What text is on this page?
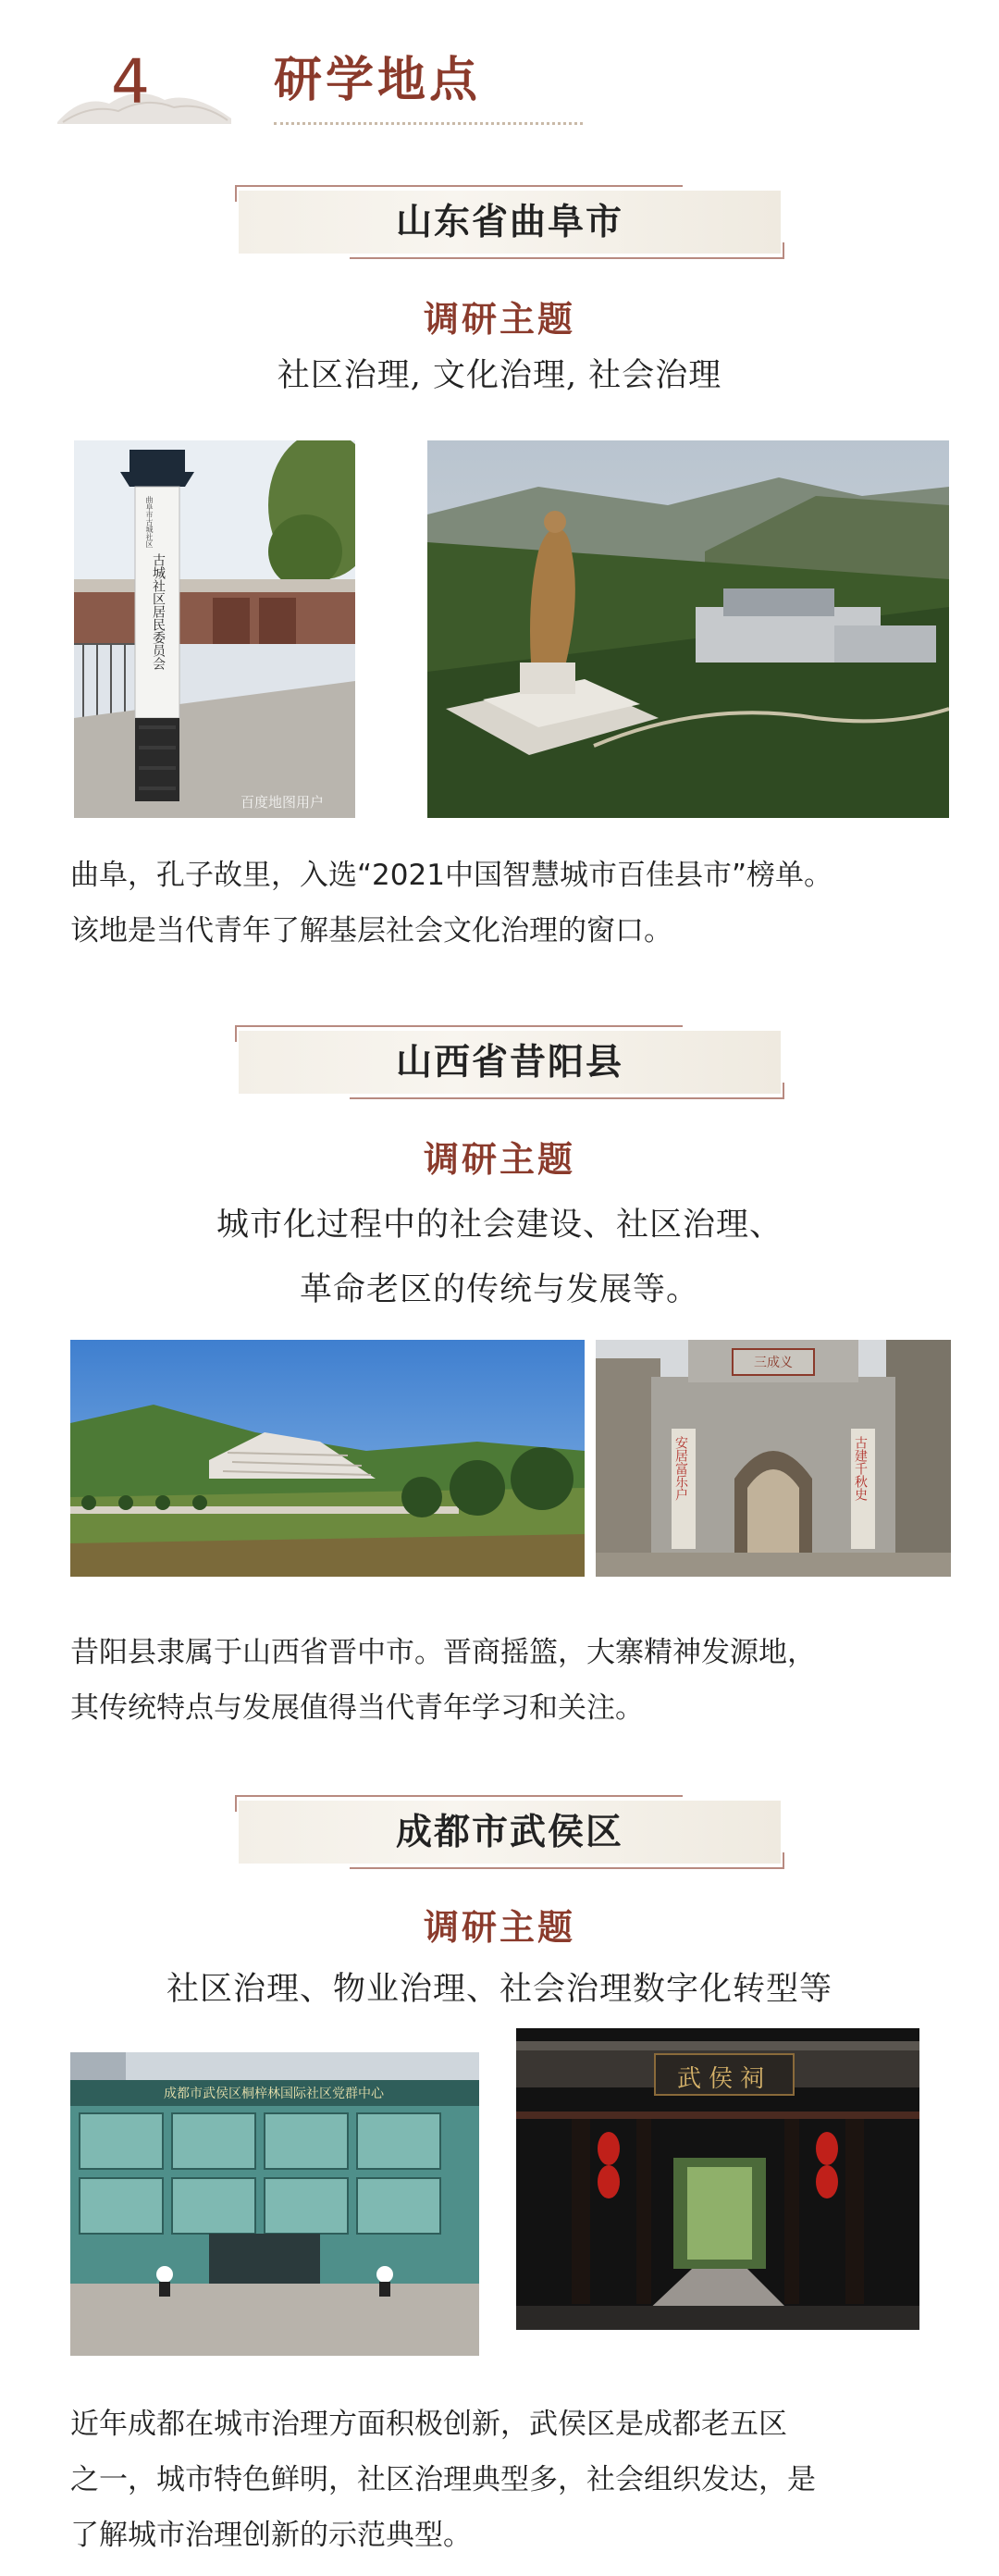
4	研学地点
山东省曲阜市
调研主题
社区治理, 文化治理, 社会治理
古城社区居民委员会
曲阜市古城社区
百度地图用户

曲阜，孔子故里，入选“2021中国智慧城市百佳县市”榜单。

该地是当代青年了解基层社会文化治理的窗口。

山西省昔阳县
调研主题
城市化过程中的社会建设、社区治理、
革命老区的传统与发展等。
三成义
安居富乐户	古建千秋史

昔阳县隶属于山西省晋中市。晋商摇篮，大寨精神发源地，

其传统特点与发展值得当代青年学习和关注。

成都市武侯区
调研主题
社区治理、物业治理、社会治理数字化转型等
成都市武侯区桐梓林国际社区党群中心
武侯祠

近年成都在城市治理方面积极创新，武侯区是成都老五区

之一，城市特色鲜明，社区治理典型多，社会组织发达，是

了解城市治理创新的示范典型。
